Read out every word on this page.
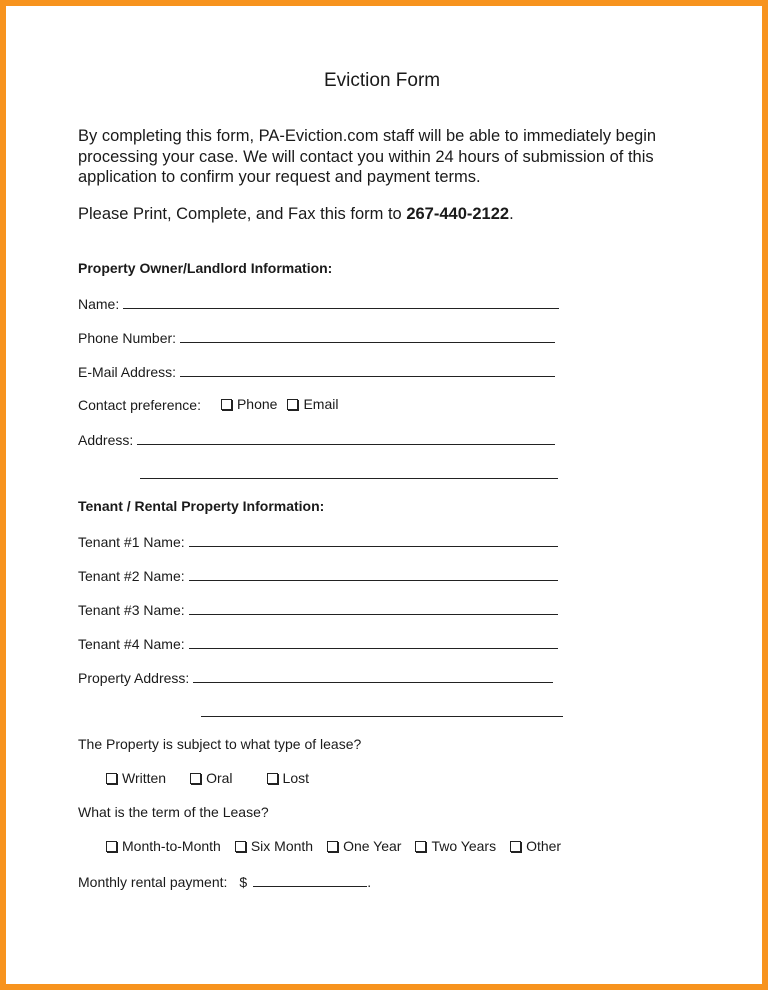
Eviction Form
By completing this form, PA-Eviction.com staff will be able to immediately begin processing your case. We will contact you within 24 hours of submission of this application to confirm your request and payment terms.
Please Print, Complete, and Fax this form to 267-440-2122.
Property Owner/Landlord Information:
Name:
Phone Number:
E-Mail Address:
Contact preference:	Phone Email
Address:
Tenant / Rental Property Information:
Tenant #1 Name:
Tenant #2 Name:
Tenant #3 Name:
Tenant #4 Name:
Property Address:
The Property is subject to what type of lease?
Written	Oral	Lost
What is the term of the Lease?
Month-to-Month Six Month One Year Two Years Other
Monthly rental payment: $	.
